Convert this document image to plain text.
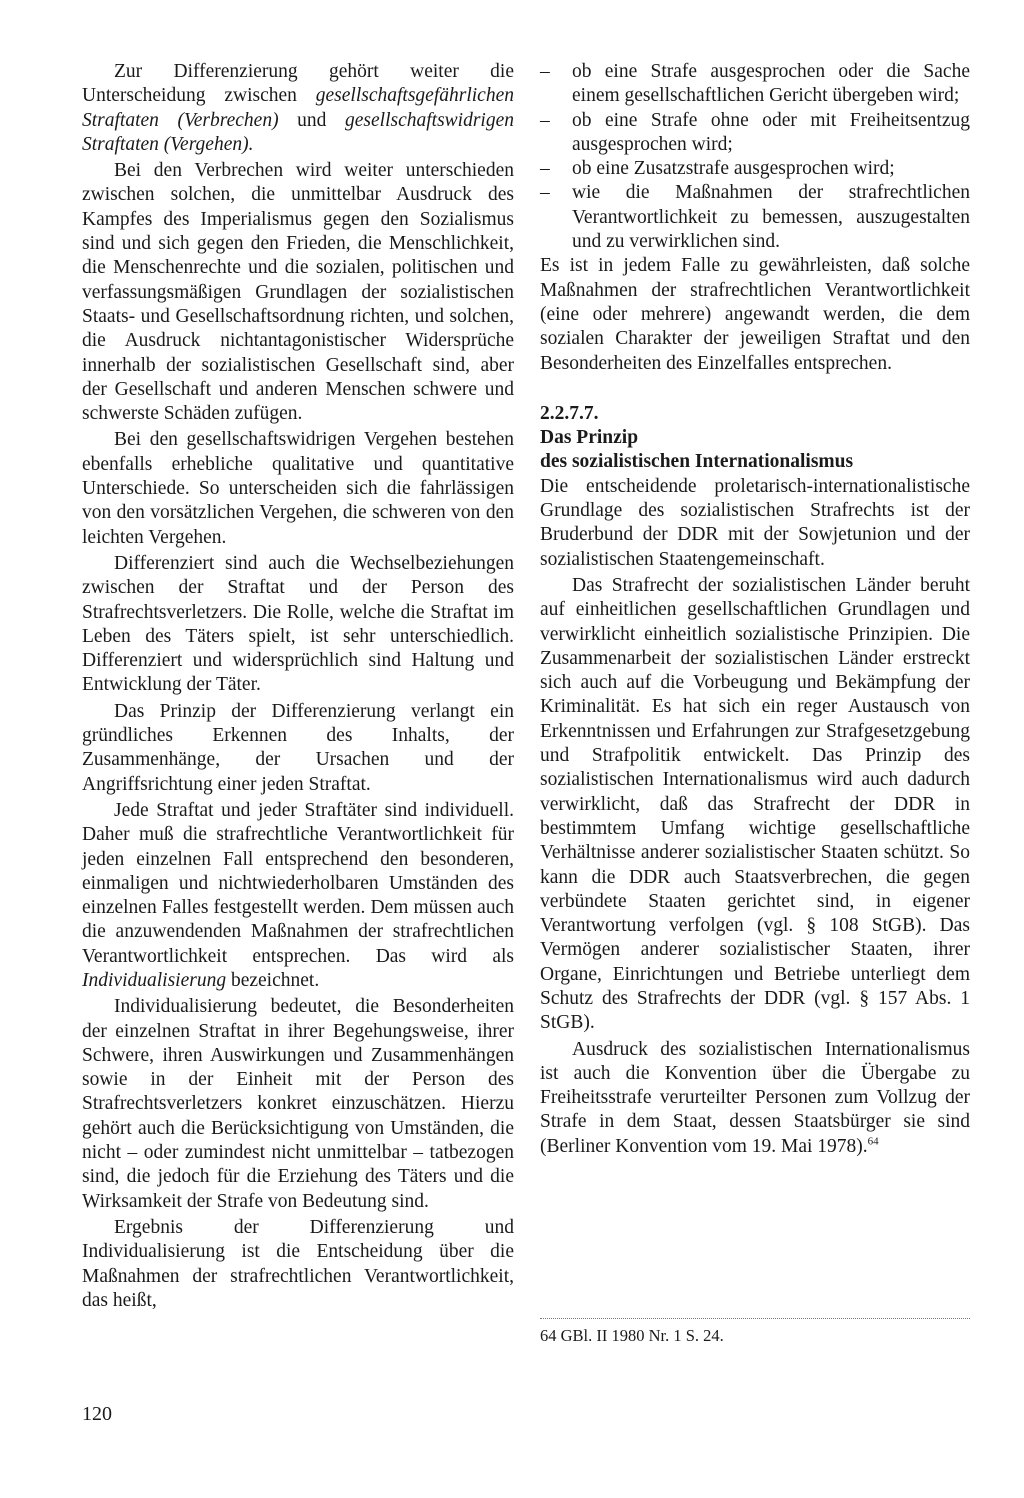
Zur Differenzierung gehört weiter die Unterscheidung zwischen gesellschaftsgefährlichen Straftaten (Verbrechen) und gesellschaftswidrigen Straftaten (Vergehen).

Bei den Verbrechen wird weiter unterschieden zwischen solchen, die unmittelbar Ausdruck des Kampfes des Imperialismus gegen den Sozialismus sind und sich gegen den Frieden, die Menschlichkeit, die Menschenrechte und die sozialen, politischen und verfassungsmäßigen Grundlagen der sozialistischen Staats- und Gesellschaftsordnung richten, und solchen, die Ausdruck nichtantagonistischer Widersprüche innerhalb der sozialistischen Gesellschaft sind, aber der Gesellschaft und anderen Menschen schwere und schwerste Schäden zufügen.

Bei den gesellschaftswidrigen Vergehen bestehen ebenfalls erhebliche qualitative und quantitative Unterschiede. So unterscheiden sich die fahrlässigen von den vorsätzlichen Vergehen, die schweren von den leichten Vergehen.

Differenziert sind auch die Wechselbeziehungen zwischen der Straftat und der Person des Strafrechtsverletzers. Die Rolle, welche die Straftat im Leben des Täters spielt, ist sehr unterschiedlich. Differenziert und widersprüchlich sind Haltung und Entwicklung der Täter.

Das Prinzip der Differenzierung verlangt ein gründliches Erkennen des Inhalts, der Zusammenhänge, der Ursachen und der Angriffsrichtung einer jeden Straftat.

Jede Straftat und jeder Straftäter sind individuell. Daher muß die strafrechtliche Verantwortlichkeit für jeden einzelnen Fall entsprechend den besonderen, einmaligen und nichtwiederholbaren Umständen des einzelnen Falles festgestellt werden. Dem müssen auch die anzuwendenden Maßnahmen der strafrechtlichen Verantwortlichkeit entsprechen. Das wird als Individualisierung bezeichnet.

Individualisierung bedeutet, die Besonderheiten der einzelnen Straftat in ihrer Begehungsweise, ihrer Schwere, ihren Auswirkungen und Zusammenhängen sowie in der Einheit mit der Person des Strafrechtsverletzers konkret einzuschätzen. Hierzu gehört auch die Berücksichtigung von Umständen, die nicht – oder zumindest nicht unmittelbar – tatbezogen sind, die jedoch für die Erziehung des Täters und die Wirksamkeit der Strafe von Bedeutung sind.

Ergebnis der Differenzierung und Individualisierung ist die Entscheidung über die Maßnahmen der strafrechtlichen Verantwortlichkeit, das heißt,

– ob eine Strafe ausgesprochen oder die Sache einem gesellschaftlichen Gericht übergeben wird;
– ob eine Strafe ohne oder mit Freiheitsentzug ausgesprochen wird;
– ob eine Zusatzstrafe ausgesprochen wird;
– wie die Maßnahmen der strafrechtlichen Verantwortlichkeit zu bemessen, auszugestalten und zu verwirklichen sind.

Es ist in jedem Falle zu gewährleisten, daß solche Maßnahmen der strafrechtlichen Verantwortlichkeit (eine oder mehrere) angewandt werden, die dem sozialen Charakter der jeweiligen Straftat und den Besonderheiten des Einzelfalles entsprechen.

2.2.7.7.
Das Prinzip
des sozialistischen Internationalismus

Die entscheidende proletarisch-internationalistische Grundlage des sozialistischen Strafrechts ist der Bruderbund der DDR mit der Sowjetunion und der sozialistischen Staatengemeinschaft.

Das Strafrecht der sozialistischen Länder beruht auf einheitlichen gesellschaftlichen Grundlagen und verwirklicht einheitlich sozialistische Prinzipien. Die Zusammenarbeit der sozialistischen Länder erstreckt sich auch auf die Vorbeugung und Bekämpfung der Kriminalität. Es hat sich ein reger Austausch von Erkenntnissen und Erfahrungen zur Strafgesetzgebung und Strafpolitik entwickelt. Das Prinzip des sozialistischen Internationalismus wird auch dadurch verwirklicht, daß das Strafrecht der DDR in bestimmtem Umfang wichtige gesellschaftliche Verhältnisse anderer sozialistischer Staaten schützt. So kann die DDR auch Staatsverbrechen, die gegen verbündete Staaten gerichtet sind, in eigener Verantwortung verfolgen (vgl. § 108 StGB). Das Vermögen anderer sozialistischer Staaten, ihrer Organe, Einrichtungen und Betriebe unterliegt dem Schutz des Strafrechts der DDR (vgl. § 157 Abs. 1 StGB).

Ausdruck des sozialistischen Internationalismus ist auch die Konvention über die Übergabe zu Freiheitsstrafe verurteilter Personen zum Vollzug der Strafe in dem Staat, dessen Staatsbürger sie sind (Berliner Konvention vom 19. Mai 1978).$^{64}$

64 GBl. II 1980 Nr. 1 S. 24.
120
